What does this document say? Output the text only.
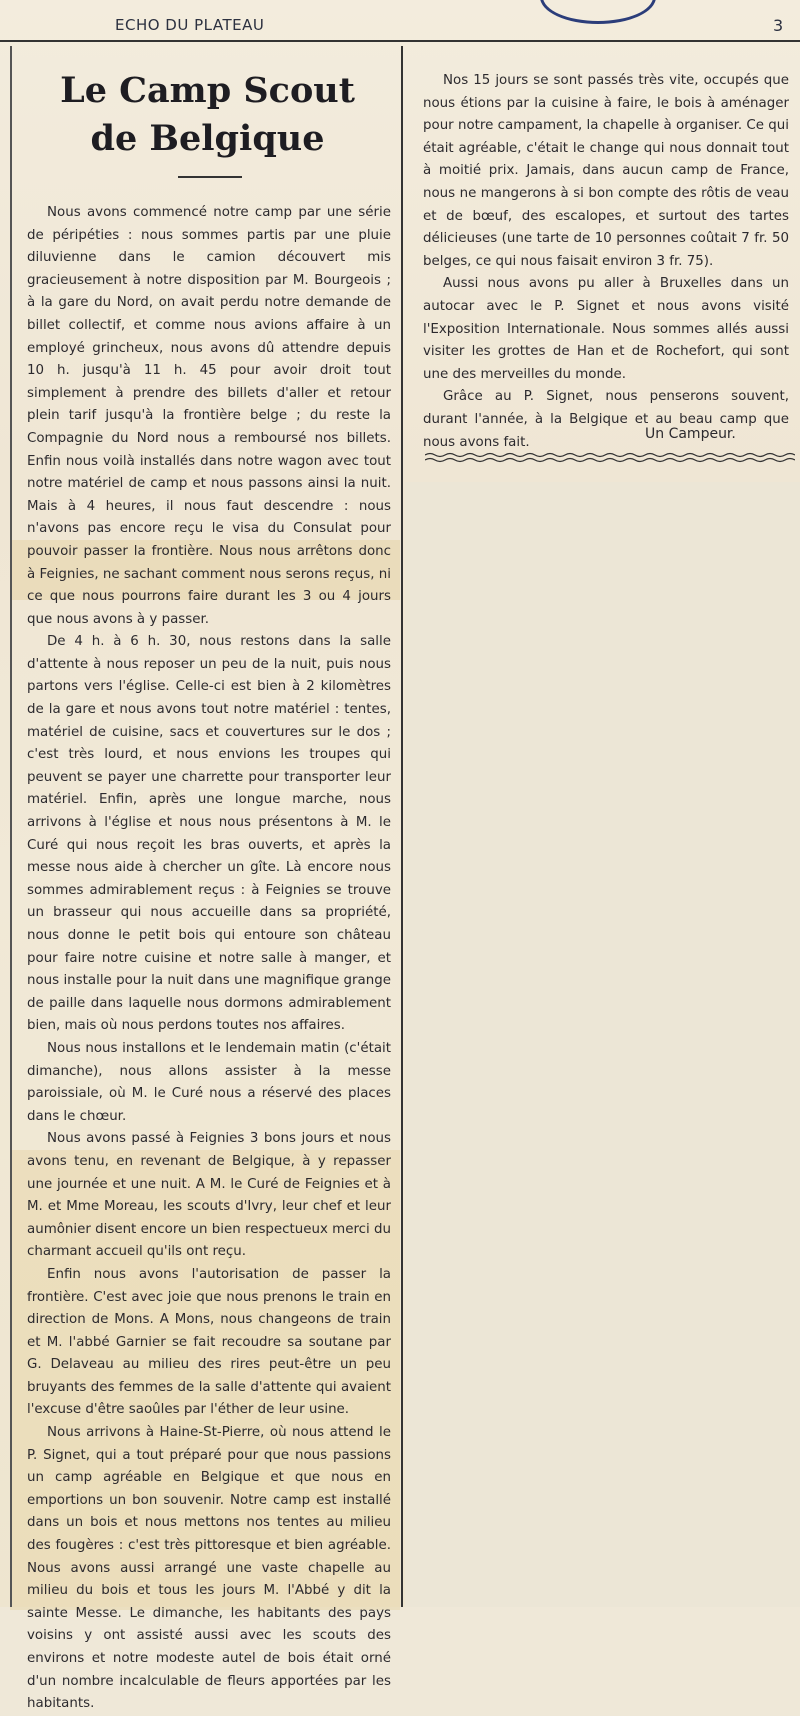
ECHO DU PLATEAU	3
Le Camp Scout
de Belgique

Nous avons commencé notre camp par une série de péripéties : nous sommes partis par une pluie diluvienne dans le camion découvert mis gracieusement à notre disposition par M. Bourgeois ; à la gare du Nord, on avait perdu notre demande de billet collectif, et comme nous avions affaire à un employé grincheux, nous avons dû attendre depuis 10 h. jusqu'à 11 h. 45 pour avoir droit tout simplement à prendre des billets d'aller et retour plein tarif jusqu'à la frontière belge ; du reste la Compagnie du Nord nous a remboursé nos billets. Enfin nous voilà installés dans notre wagon avec tout notre matériel de camp et nous passons ainsi la nuit. Mais à 4 heures, il nous faut descendre : nous n'avons pas encore reçu le visa du Consulat pour pouvoir passer la frontière. Nous nous arrêtons donc à Feignies, ne sachant comment nous serons reçus, ni ce que nous pourrons faire durant les 3 ou 4 jours que nous avons à y passer.

De 4 h. à 6 h. 30, nous restons dans la salle d'attente à nous reposer un peu de la nuit, puis nous partons vers l'église. Celle-ci est bien à 2 kilomètres de la gare et nous avons tout notre matériel : tentes, matériel de cuisine, sacs et couvertures sur le dos ; c'est très lourd, et nous envions les troupes qui peuvent se payer une charrette pour transporter leur matériel. Enfin, après une longue marche, nous arrivons à l'église et nous nous présentons à M. le Curé qui nous reçoit les bras ouverts, et après la messe nous aide à chercher un gîte. Là encore nous sommes admirablement reçus : à Feignies se trouve un brasseur qui nous accueille dans sa propriété, nous donne le petit bois qui entoure son château pour faire notre cuisine et notre salle à manger, et nous installe pour la nuit dans une magnifique grange de paille dans laquelle nous dormons admirablement bien, mais où nous perdons toutes nos affaires.

Nous nous installons et le lendemain matin (c'était dimanche), nous allons assister à la messe paroissiale, où M. le Curé nous a réservé des places dans le chœur.

Nous avons passé à Feignies 3 bons jours et nous avons tenu, en revenant de Belgique, à y repasser une journée et une nuit. A M. le Curé de Feignies et à M. et Mme Moreau, les scouts d'Ivry, leur chef et leur aumônier disent encore un bien respectueux merci du charmant accueil qu'ils ont reçu.

Enfin nous avons l'autorisation de passer la frontière. C'est avec joie que nous prenons le train en direction de Mons. A Mons, nous changeons de train et M. l'abbé Garnier se fait recoudre sa soutane par G. Delaveau au milieu des rires peut-être un peu bruyants des femmes de la salle d'attente qui avaient l'excuse d'être saoûles par l'éther de leur usine.

Nous arrivons à Haine-St-Pierre, où nous attend le P. Signet, qui a tout préparé pour que nous passions un camp agréable en Belgique et que nous en emportions un bon souvenir. Notre camp est installé dans un bois et nous mettons nos tentes au milieu des fougères : c'est très pittoresque et bien agréable. Nous avons aussi arrangé une vaste chapelle au milieu du bois et tous les jours M. l'Abbé y dit la sainte Messe. Le dimanche, les habitants des pays voisins y ont assisté aussi avec les scouts des environs et notre modeste autel de bois était orné d'un nombre incalculable de fleurs apportées par les habitants.

Nos 15 jours se sont passés très vite, occupés que nous étions par la cuisine à faire, le bois à aménager pour notre campament, la chapelle à organiser. Ce qui était agréable, c'était le change qui nous donnait tout à moitié prix. Jamais, dans aucun camp de France, nous ne mangerons à si bon compte des rôtis de veau et de bœuf, des escalopes, et surtout des tartes délicieuses (une tarte de 10 personnes coûtait 7 fr. 50 belges, ce qui nous faisait environ 3 fr. 75).

Aussi nous avons pu aller à Bruxelles dans un autocar avec le P. Signet et nous avons visité l'Exposition Internationale. Nous sommes allés aussi visiter les grottes de Han et de Rochefort, qui sont une des merveilles du monde.

Grâce au P. Signet, nous penserons souvent, durant l'année, à la Belgique et au beau camp que nous avons fait.	Un Campeur.
